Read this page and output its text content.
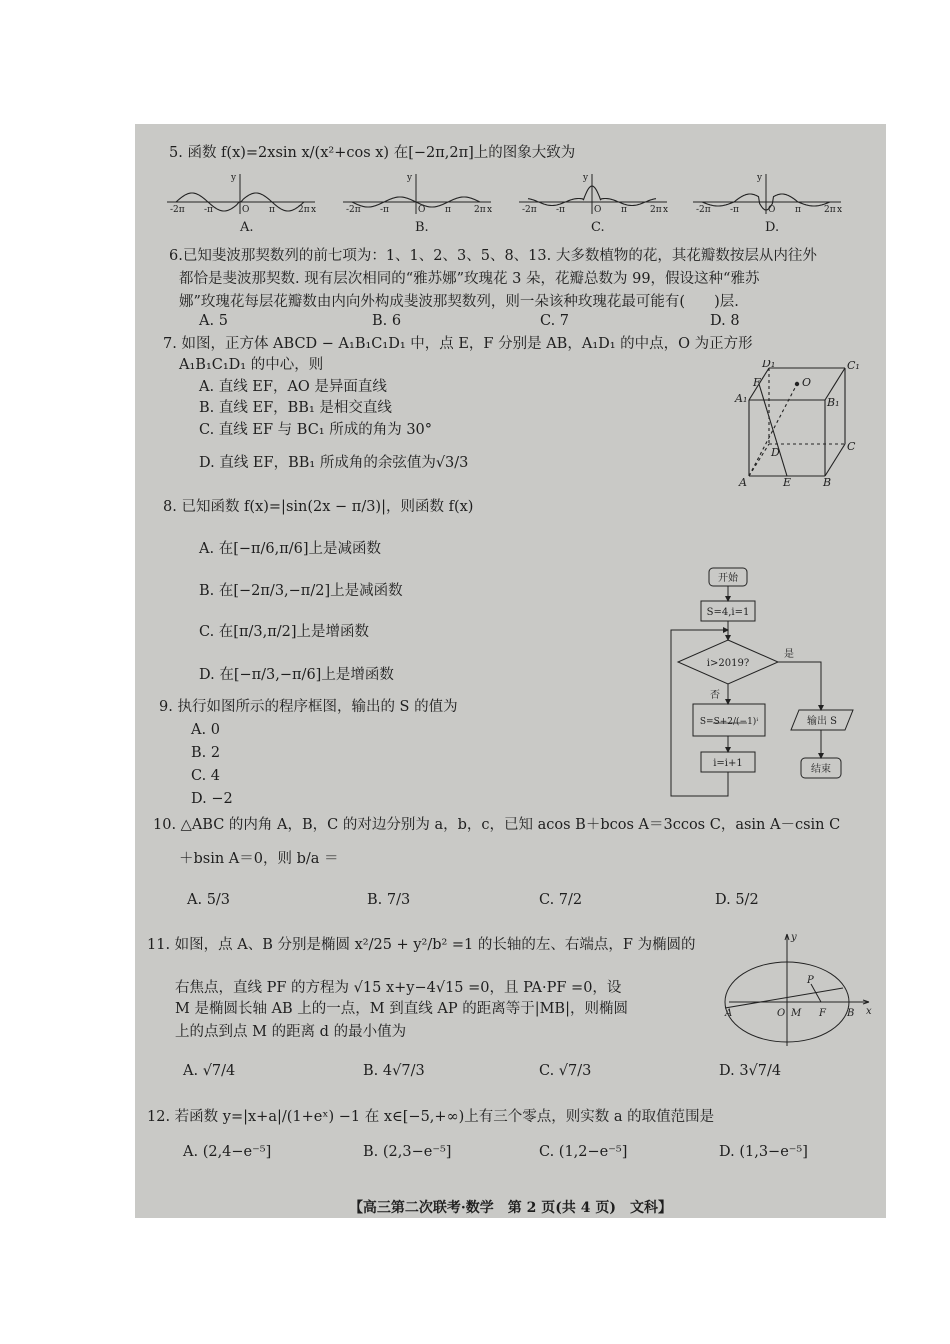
5. 函数 f(x)=2xsin x/(x²+cos x) 在[−2π,2π]上的图象大致为
y
O
-2π -π	π	2π x
y
O
-2π -π	π	2π x
y
O
-2π -π	π	2π x
y
O
-2π -π	π	2π x
A.	B.	C.	D.
6.已知斐波那契数列的前七项为：1、1、2、3、5、8、13. 大多数植物的花，其花瓣数按层从内往外
都恰是斐波那契数. 现有层次相同的“雅苏娜”玫瑰花 3 朵，花瓣总数为 99，假设这种“雅苏
娜”玫瑰花每层花瓣数由内向外构成斐波那契数列，则一朵该种玫瑰花最可能有(　　)层.
A. 5	B. 6	C. 7	D. 8
7. 如图，正方体 ABCD − A₁B₁C₁D₁ 中，点 E，F 分别是 AB，A₁D₁ 的中点，O 为正方形
A₁B₁C₁D₁ 的中心，则
A. 直线 EF，AO 是异面直线
B. 直线 EF，BB₁ 是相交直线
C. 直线 EF 与 BC₁ 所成的角为 30°
D. 直线 EF，BB₁ 所成角的余弦值为√3/3
D₁	C₁
A₁	B₁
F	O
A	B
C
D
E
8. 已知函数 f(x)=|sin(2x − π/3)|，则函数 f(x)
A. 在[−π/6,π/6]上是减函数
B. 在[−2π/3,−π/2]上是减函数
C. 在[π/3,π/2]上是增函数
D. 在[−π/3,−π/6]上是增函数
开始
S=4,i=1
i>2019?
是
否
S=S+2/(−1)ⁱ
i=i+1
输出 S
结束
9. 执行如图所示的程序框图，输出的 S 的值为
A. 0
B. 2
C. 4
D. −2
10. △ABC 的内角 A，B，C 的对边分别为 a，b，c，已知 acos B＋bcos A＝3ccos C，asin A－csin C
＋bsin A＝0，则 b/a ＝
A. 5/3	B. 7/3	C. 7/2	D. 5/2
11. 如图，点 A、B 分别是椭圆 x²/25 + y²/b² =1 的长轴的左、右端点，F 为椭圆的
右焦点，直线 PF 的方程为 √15 x+y−4√15 =0，且 PA·PF =0，设
M 是椭圆长轴 AB 上的一点，M 到直线 AP 的距离等于|MB|，则椭圆
上的点到点 M 的距离 d 的最小值为
A. √7/4	B. 4√7/3	C. √7/3	D. 3√7/4
y
x
A	O M F B
P
12. 若函数 y=|x+a|/(1+eˣ) −1 在 x∈[−5,+∞)上有三个零点，则实数 a 的取值范围是
A. (2,4−e⁻⁵]	B. (2,3−e⁻⁵]	C. (1,2−e⁻⁵]	D. (1,3−e⁻⁵]
【高三第二次联考·数学　第 2 页(共 4 页)　文科】
